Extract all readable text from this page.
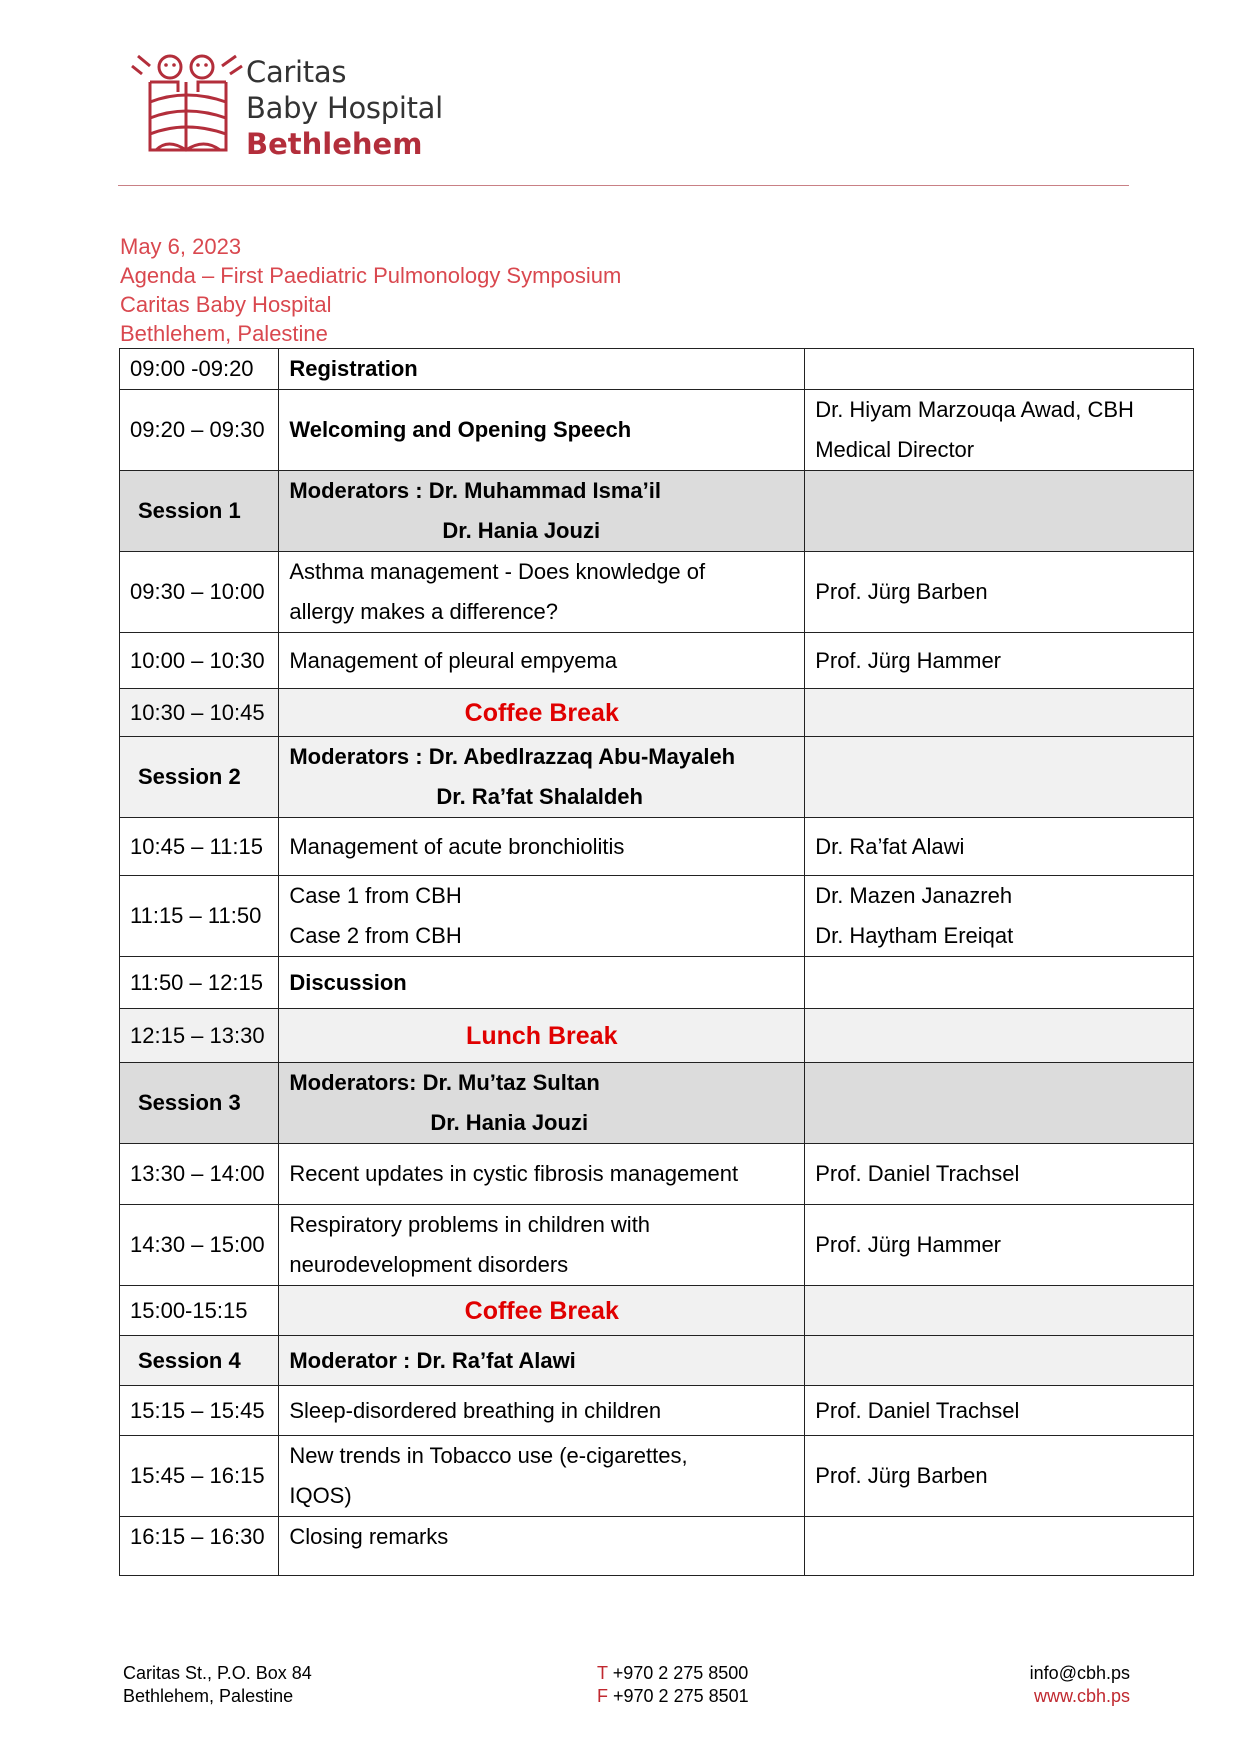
Caritas
Baby Hospital
Bethlehem
May 6, 2023
Agenda – First Paediatric Pulmonology Symposium
Caritas Baby Hospital
Bethlehem, Palestine
09:00 -09:20	Registration	
09:20 – 09:30	Welcoming and Opening Speech	Dr. Hiyam Marzouqa Awad, CBH
Medical Director

Session 1	Moderators : Dr. Muhammad Isma’il
Dr. Hania Jouzi	

09:30 – 10:00	Asthma management - Does knowledge of
allergy makes a difference?	Prof. Jürg Barben
10:00 – 10:30	Management of pleural empyema	Prof. Jürg Hammer
10:30 – 10:45	Coffee Break	

Session 2	Moderators : Dr. Abedlrazzaq Abu-Mayaleh
Dr. Ra’fat Shalaldeh	

10:45 – 11:15	Management of acute bronchiolitis	Dr. Ra’fat Alawi
11:15 – 11:50	Case 1 from CBH
Case 2 from CBH	Dr. Mazen Janazreh
Dr. Haytham Ereiqat

11:50 – 12:15	Discussion	
12:15 – 13:30	Lunch Break	

Session 3	Moderators: Dr. Mu’taz Sultan
Dr. Hania Jouzi	

13:30 – 14:00	Recent updates in cystic fibrosis management	Prof. Daniel Trachsel
14:30 – 15:00	Respiratory problems in children with
neurodevelopment disorders	Prof. Jürg Hammer
15:00-15:15	Coffee Break	

Session 4	Moderator : Dr. Ra’fat Alawi	
15:15 – 15:45	Sleep-disordered breathing in children	Prof. Daniel Trachsel
15:45 – 16:15	New trends in Tobacco use (e-cigarettes,
IQOS)	Prof. Jürg Barben
16:15 – 16:30	Closing remarks	
Caritas St., P.O. Box 84
Bethlehem, Palestine
T +970 2 275 8500
F +970 2 275 8501
info@cbh.ps
www.cbh.ps
